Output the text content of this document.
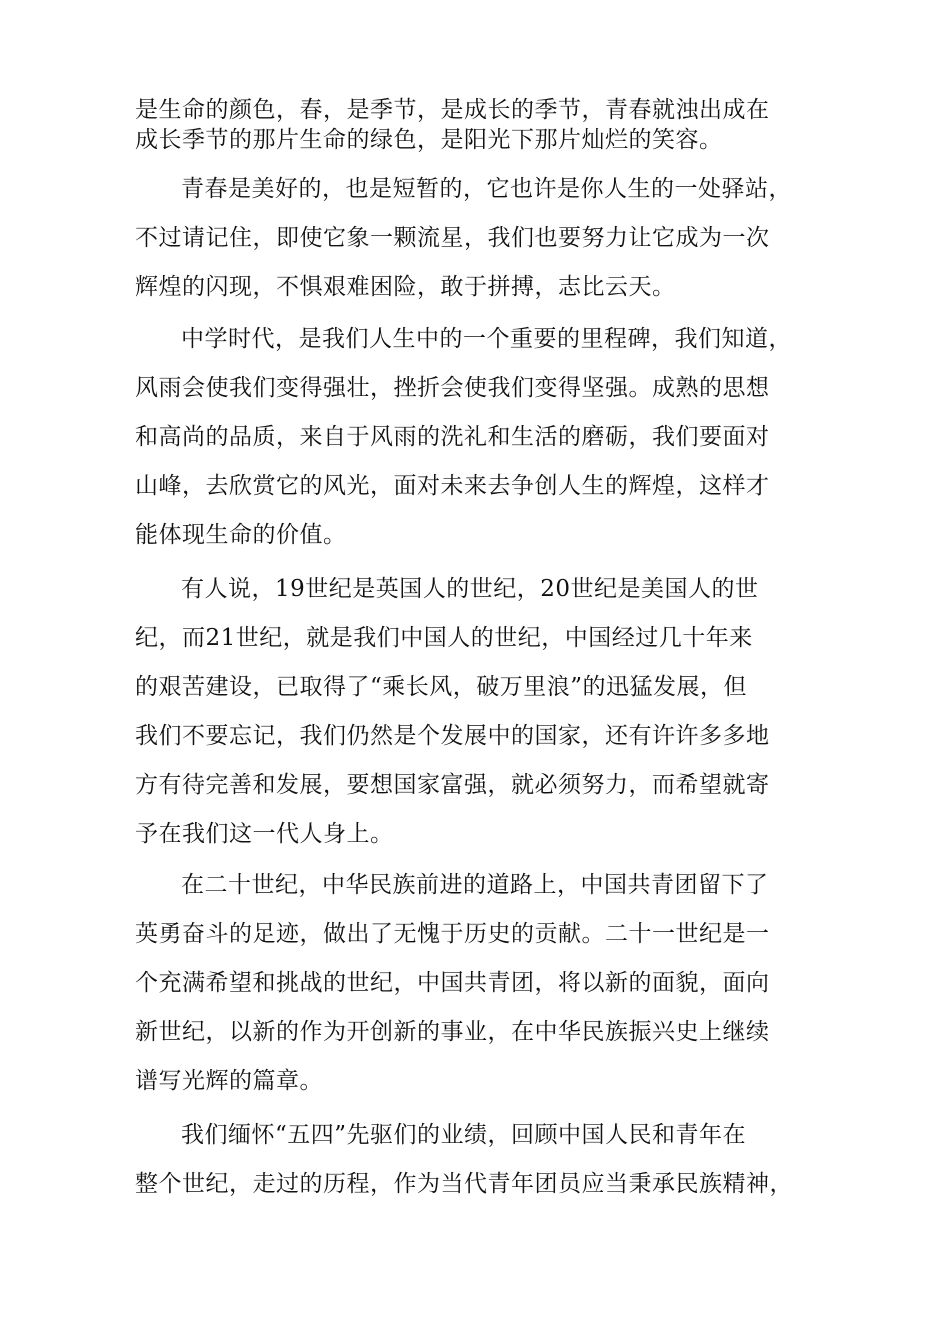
是生命的颜色，春，是季节，是成长的季节，青春就浊出成在
成长季节的那片生命的绿色，是阳光下那片灿烂的笑容。
青春是美好的，也是短暂的，它也许是你人生的一处驿站，
不过请记住，即使它象一颗流星，我们也要努力让它成为一次
辉煌的闪现，不惧艰难困险，敢于拼搏，志比云天。
中学时代，是我们人生中的一个重要的里程碑，我们知道，
风雨会使我们变得强壮，挫折会使我们变得坚强。成熟的思想
和高尚的品质，来自于风雨的洗礼和生活的磨砺，我们要面对
山峰，去欣赏它的风光，面对未来去争创人生的辉煌，这样才
能体现生命的价值。
有人说，19世纪是英国人的世纪，20世纪是美国人的世
纪，而21世纪，就是我们中国人的世纪，中国经过几十年来
的艰苦建设，已取得了“乘长风，破万里浪”的迅猛发展，但
我们不要忘记，我们仍然是个发展中的国家，还有许许多多地
方有待完善和发展，要想国家富强，就必须努力，而希望就寄
予在我们这一代人身上。
在二十世纪，中华民族前进的道路上，中国共青团留下了
英勇奋斗的足迹，做出了无愧于历史的贡献。二十一世纪是一
个充满希望和挑战的世纪，中国共青团，将以新的面貌，面向
新世纪，以新的作为开创新的事业，在中华民族振兴史上继续
谱写光辉的篇章。
我们缅怀“五四”先驱们的业绩，回顾中国人民和青年在
整个世纪，走过的历程，作为当代青年团员应当秉承民族精神，
